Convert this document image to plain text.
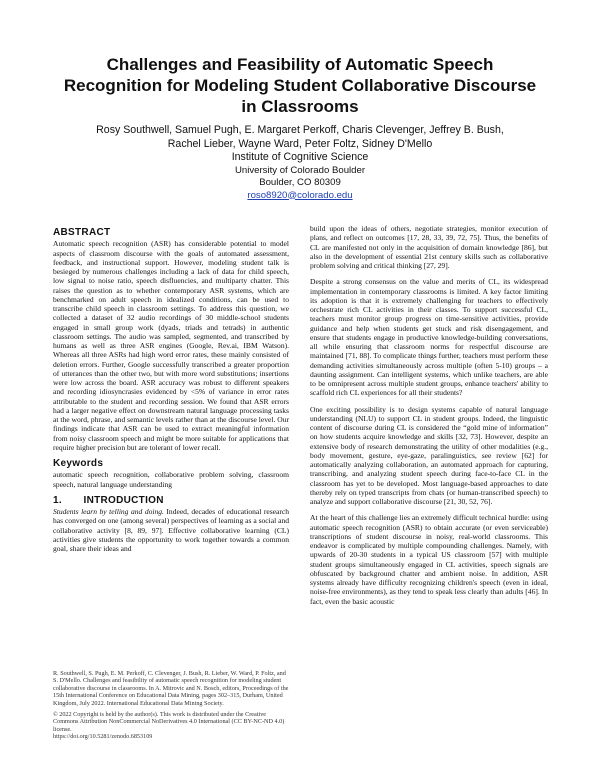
Challenges and Feasibility of Automatic Speech
Recognition for Modeling Student Collaborative Discourse
in Classrooms
Rosy Southwell, Samuel Pugh, E. Margaret Perkoff, Charis Clevenger, Jeffrey B. Bush,
Rachel Lieber, Wayne Ward, Peter Foltz, Sidney D'Mello
Institute of Cognitive Science
University of Colorado Boulder
Boulder, CO 80309
roso8920@colorado.edu
ABSTRACT

Automatic speech recognition (ASR) has considerable potential to model aspects of classroom discourse with the goals of automated assessment, feedback, and instructional support. However, modeling student talk is besieged by numerous challenges including a lack of data for child speech, low signal to noise ratio, speech disfluencies, and multiparty chatter. This raises the question as to whether contemporary ASR systems, which are benchmarked on adult speech in idealized conditions, can be used to transcribe child speech in classroom settings. To address this question, we collected a dataset of 32 audio recordings of 30 middle-school students engaged in small group work (dyads, triads and tetrads) in authentic classroom settings. The audio was sampled, segmented, and transcribed by humans as well as three ASR engines (Google, Rev.ai, IBM Watson). Whereas all three ASRs had high word error rates, these mainly consisted of deletion errors. Further, Google successfully transcribed a greater proportion of utterances than the other two, but with more word substitutions; insertions were low across the board. ASR accuracy was robust to different speakers and recording idiosyncrasies evidenced by <5% of variance in error rates attributable to the student and recording session. We found that ASR errors had a larger negative effect on downstream natural language processing tasks at the word, phrase, and semantic levels rather than at the discourse level. Our findings indicate that ASR can be used to extract meaningful information from noisy classroom speech and might be more suitable for applications that require higher precision but are tolerant of lower recall.

Keywords

automatic speech recognition, collaborative problem solving, classroom speech, natural language understanding

1.       INTRODUCTION

Students learn by telling and doing. Indeed, decades of educational research has converged on one (among several) perspectives of learning as a social and collaborative activity [8, 89, 97]. Effective collaborative learning (CL) activities give students the opportunity to work together towards a common goal, share their ideas and

R. Southwell, S. Pugh, E. M. Perkoff, C. Clevenger, J. Bush, R. Lieber, W. Ward, P. Foltz, and S. D'Mello. Challenges and feasibility of automatic speech recognition for modeling student collaborative discourse in classrooms. In A. Mitrovic and N. Bosch, editors, Proceedings of the 15th International Conference on Educational Data Mining, pages 302–315, Durham, United Kingdom, July 2022. International Educational Data Mining Society.

© 2022 Copyright is held by the author(s). This work is distributed under the Creative Commons Attribution NonCommercial NoDerivatives 4.0 International (CC BY-NC-ND 4.0) license.

https://doi.org/10.5281/zenodo.6853109

build upon the ideas of others, negotiate strategies, monitor execution of plans, and reflect on outcomes [17, 28, 33, 39, 72, 75]. Thus, the benefits of CL are manifested not only in the acquisition of domain knowledge [86], but also in the development of essential 21st century skills such as collaborative problem solving and critical thinking [27, 29].

Despite a strong consensus on the value and merits of CL, its widespread implementation in contemporary classrooms is limited. A key factor limiting its adoption is that it is extremely challenging for teachers to effectively orchestrate rich CL activities in their classes. To support successful CL, teachers must monitor group progress on time-sensitive activities, provide guidance and help when students get stuck and risk disengagement, and ensure that students engage in productive knowledge-building conversations, all while ensuring that classroom norms for respectful discourse are maintained [71, 88]. To complicate things further, teachers must perform these demanding activities simultaneously across multiple (often 5-10) groups – a daunting assignment. Can intelligent systems, which unlike teachers, are able to be omnipresent across multiple student groups, enhance teachers' ability to scaffold rich CL experiences for all their students?

One exciting possibility is to design systems capable of natural language understanding (NLU) to support CL in student groups. Indeed, the linguistic content of discourse during CL is considered the “gold mine of information” on how students acquire knowledge and skills [32, 73]. However, despite an extensive body of research demonstrating the utility of other modalities (e.g., body movement, gesture, eye-gaze, paralinguistics, see review [62] for automatically analyzing collaboration, an automated approach for capturing, transcribing, and analyzing student speech during face-to-face CL in the classroom has yet to be developed. Most language-based approaches to date thereby rely on typed transcripts from chats (or human-transcribed speech) to analyze and support collaborative discourse [21, 30, 52, 76].

At the heart of this challenge lies an extremely difficult technical hurdle: using automatic speech recognition (ASR) to obtain accurate (or even serviceable) transcriptions of student discourse in noisy, real-world classrooms. This endeavor is complicated by multiple compounding challenges. Namely, with upwards of 20-30 students in a typical US classroom [57] with multiple student groups simultaneously engaged in CL activities, speech signals are obfuscated by background chatter and ambient noise. In addition, ASR systems already have difficulty recognizing children's speech (even in ideal, noise-free environments), as they tend to speak less clearly than adults [46]. In fact, even the basic acoustic
